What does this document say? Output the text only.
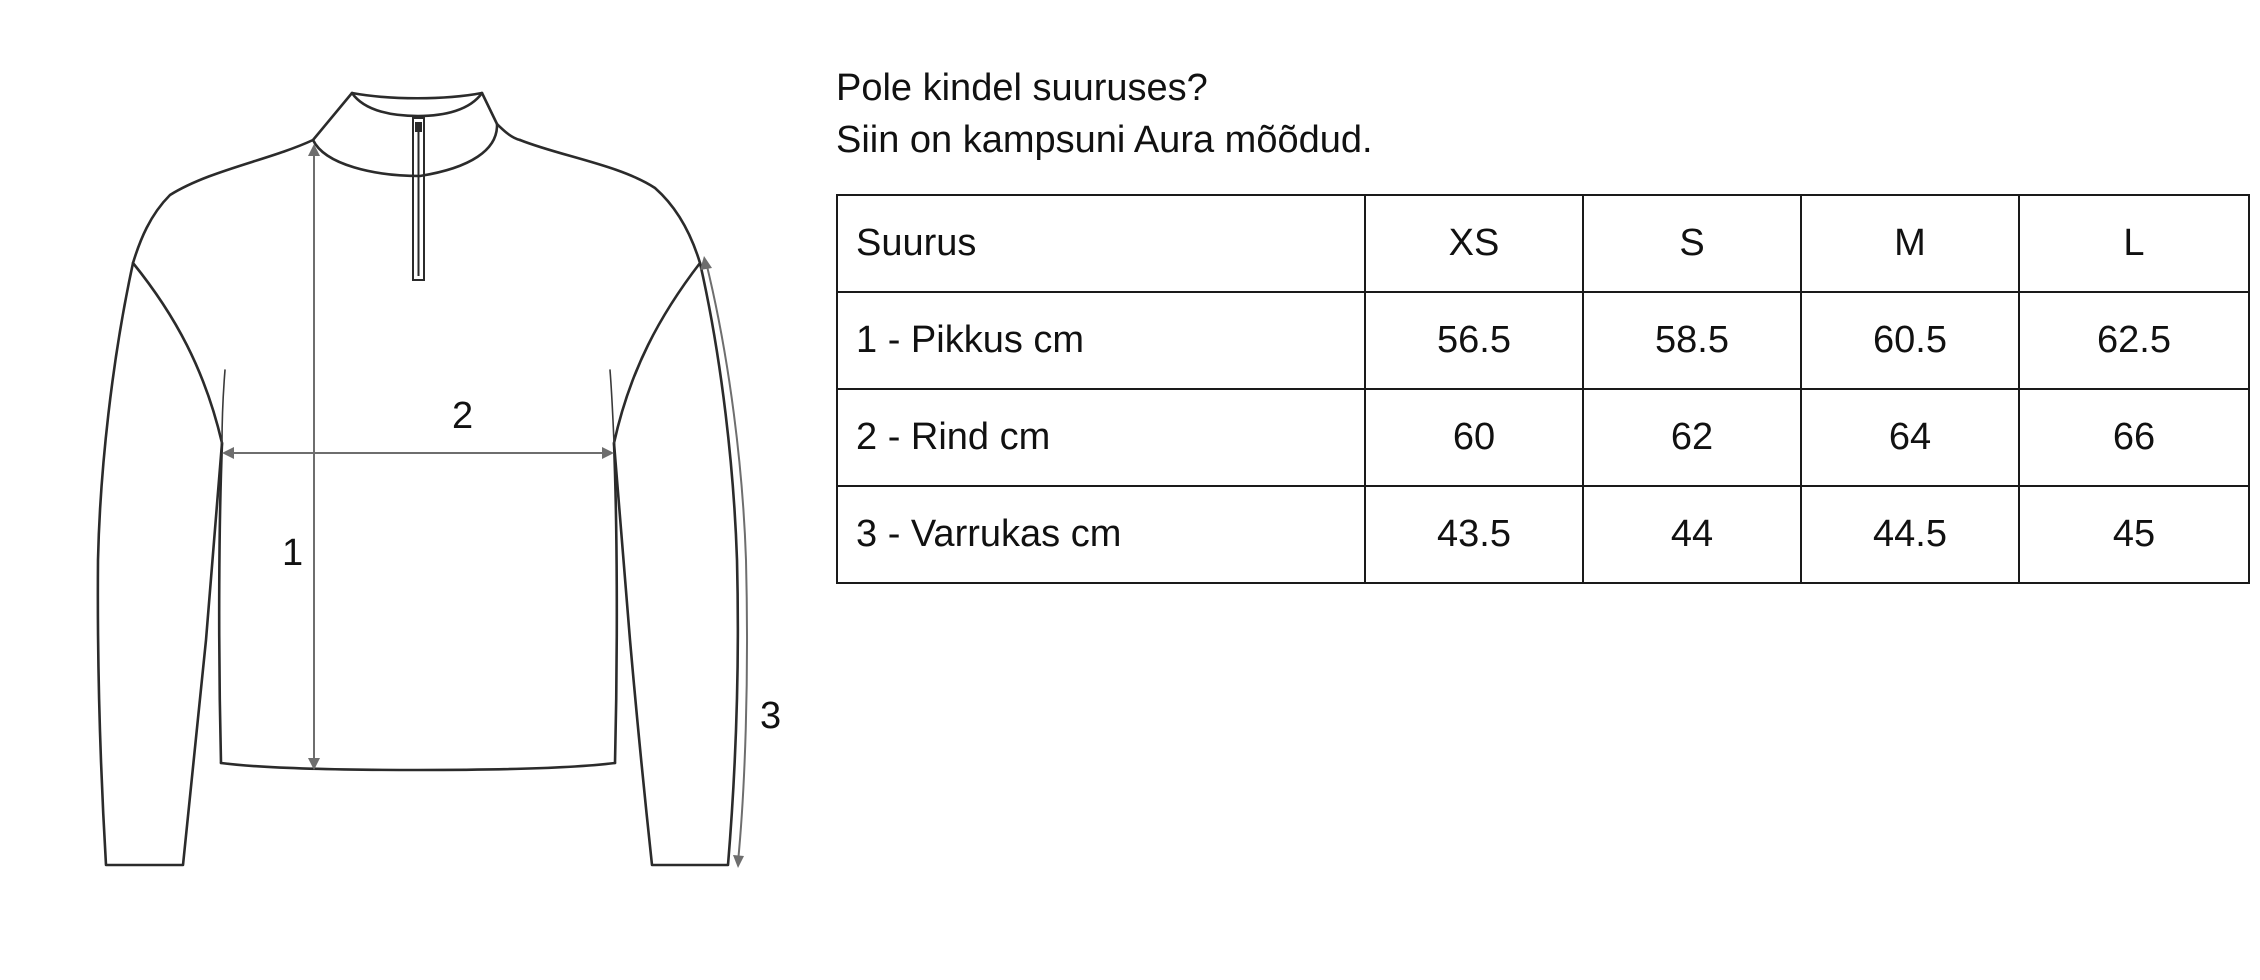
1
2
3
Pole kindel suuruses?
Siin on kampsuni Aura mõõdud.
Suurus	XS	S	M	L
1 - Pikkus cm	56.5	58.5	60.5	62.5
2 - Rind cm	60	62	64	66
3 - Varrukas cm	43.5	44	44.5	45
